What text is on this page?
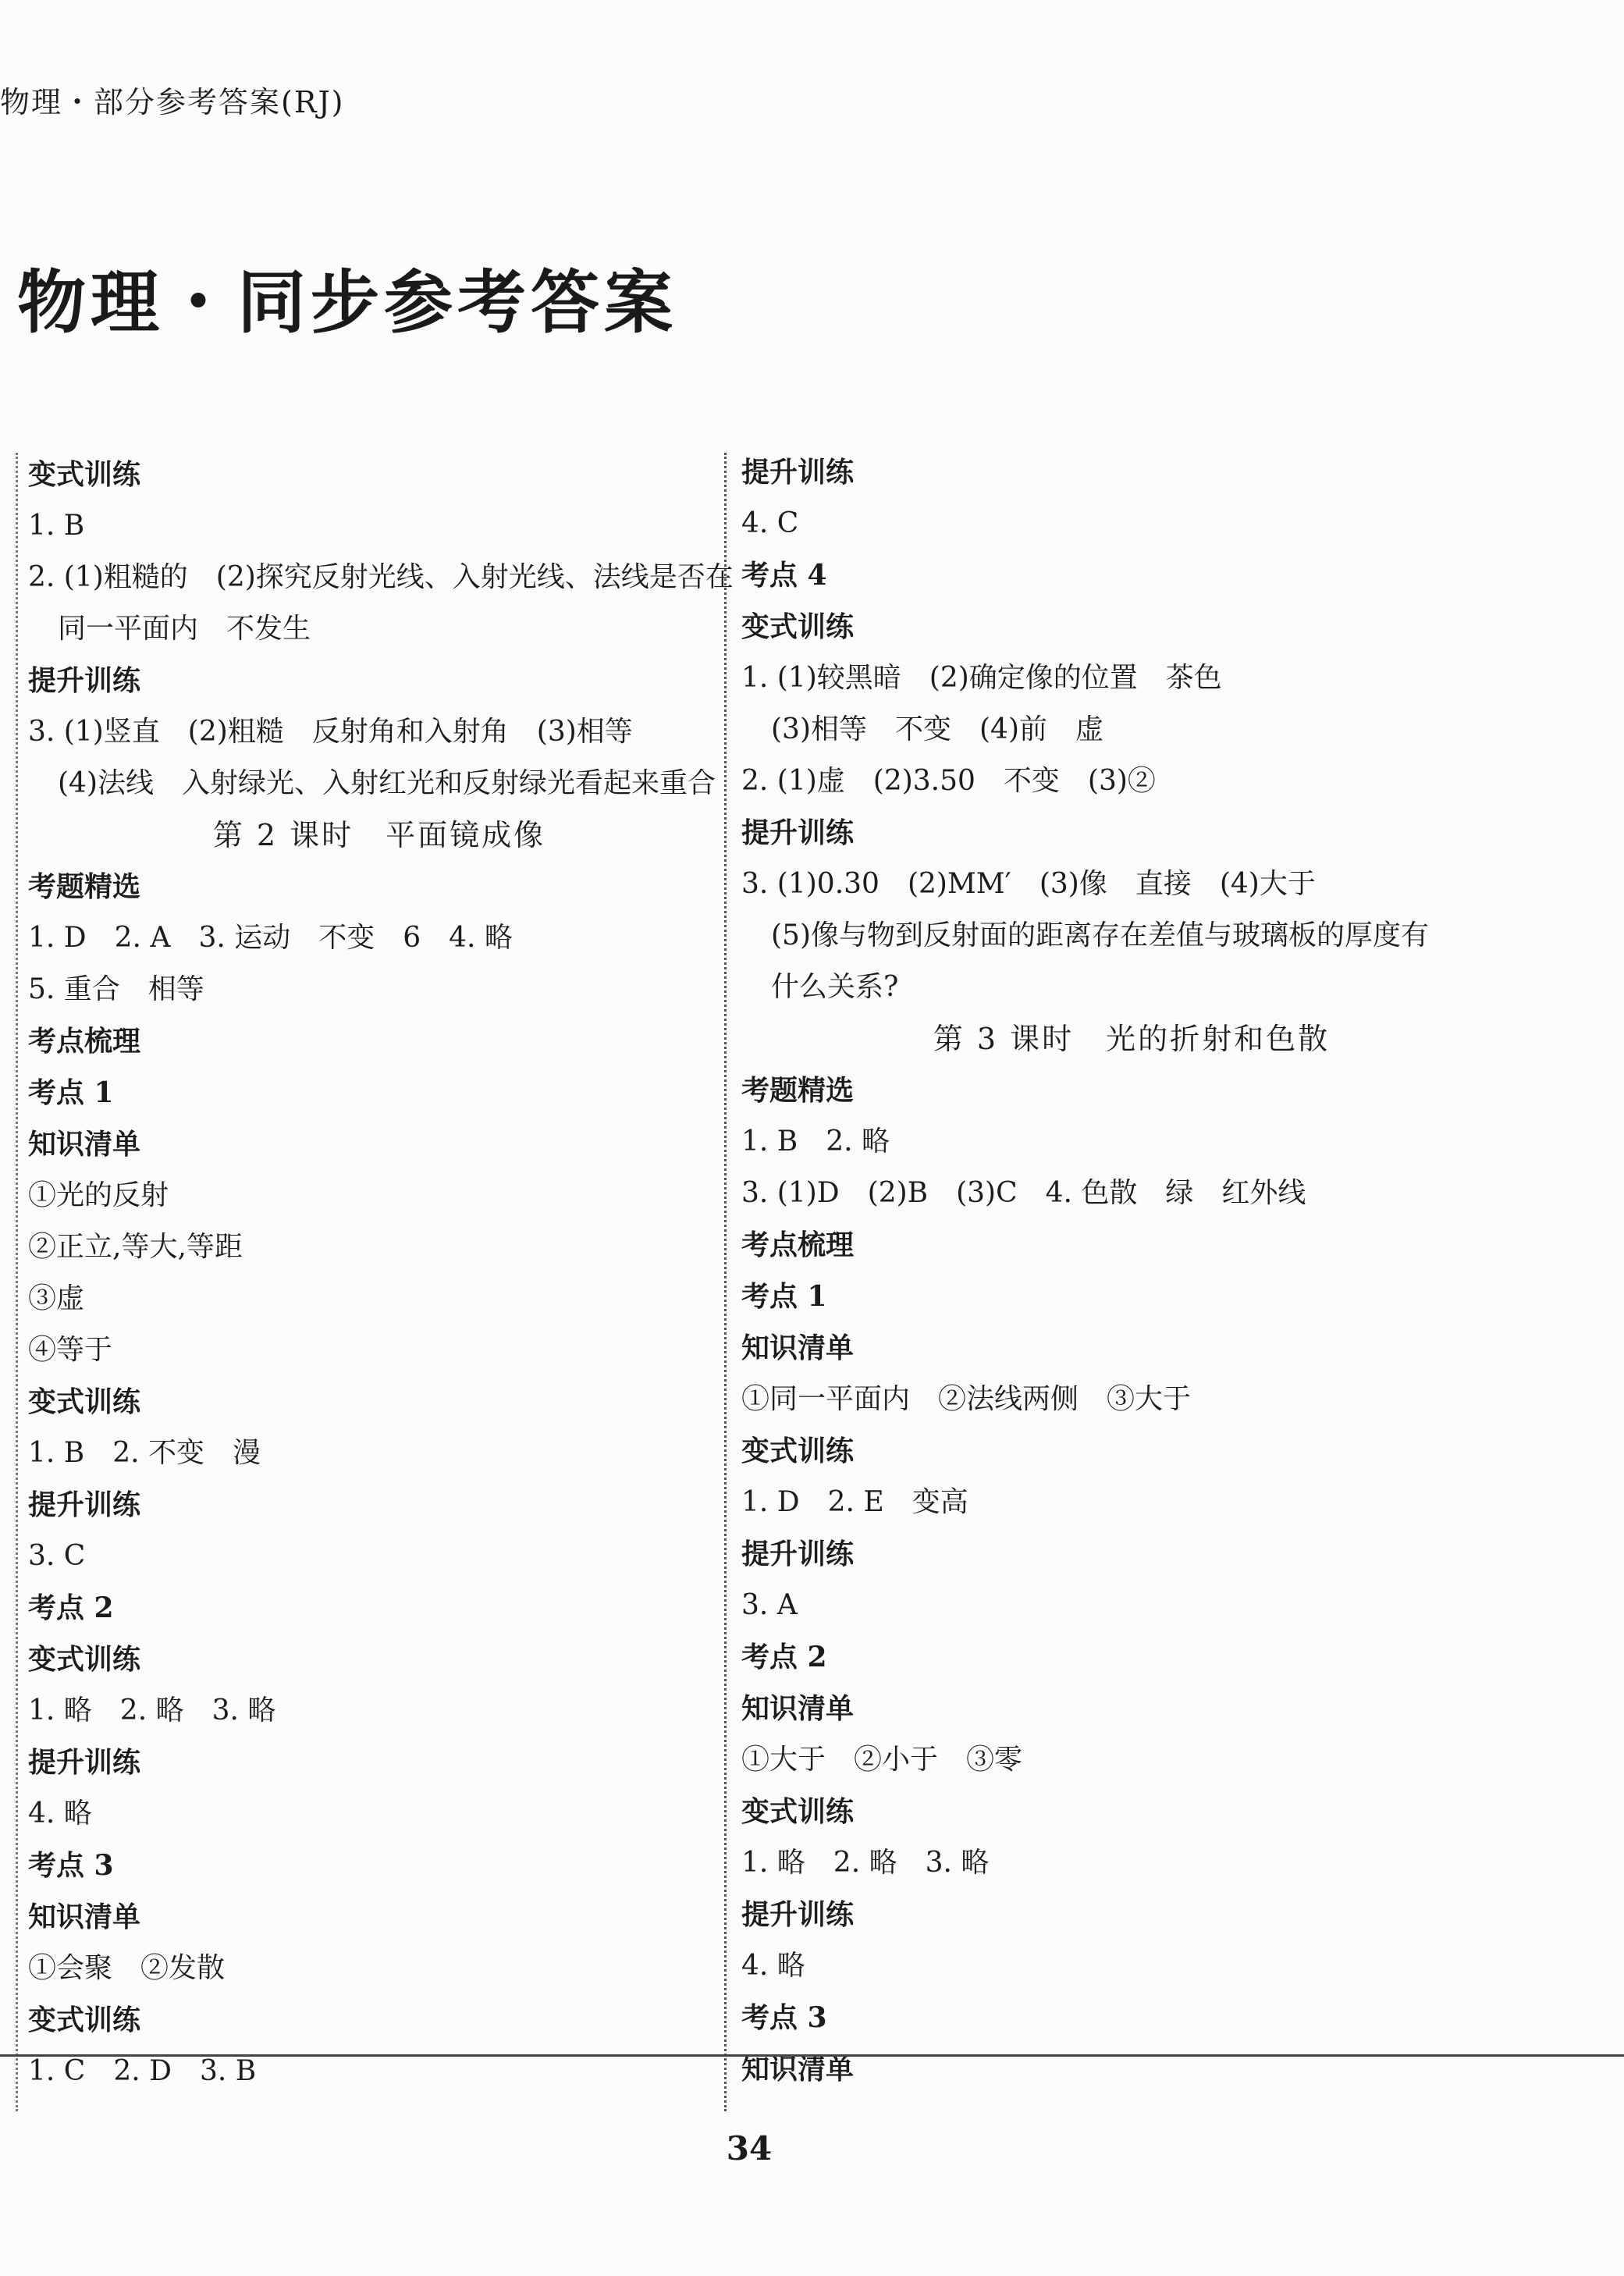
物理・部分参考答案(RJ)
物理・同步参考答案
变式训练
1. B
2. (1)粗糙的　(2)探究反射光线、入射光线、法线是否在
同一平面内　不发生
提升训练
3. (1)竖直　(2)粗糙　反射角和入射角　(3)相等
(4)法线　入射绿光、入射红光和反射绿光看起来重合
第 2 课时　平面镜成像
考题精选
1. D　2. A　3. 运动　不变　6　4. 略
5. 重合　相等
考点梳理
考点 1
知识清单
①光的反射
②正立,等大,等距
③虚
④等于
变式训练
1. B　2. 不变　漫
提升训练
3. C
考点 2
变式训练
1. 略　2. 略　3. 略
提升训练
4. 略
考点 3
知识清单
①会聚　②发散
变式训练
1. C　2. D　3. B
提升训练
4. C
考点 4
变式训练
1. (1)较黑暗　(2)确定像的位置　茶色
(3)相等　不变　(4)前　虚
2. (1)虚　(2)3.50　不变　(3)②
提升训练
3. (1)0.30　(2)MM′　(3)像　直接　(4)大于
(5)像与物到反射面的距离存在差值与玻璃板的厚度有
什么关系?
第 3 课时　光的折射和色散
考题精选
1. B　2. 略
3. (1)D　(2)B　(3)C　4. 色散　绿　红外线
考点梳理
考点 1
知识清单
①同一平面内　②法线两侧　③大于
变式训练
1. D　2. E　变高
提升训练
3. A
考点 2
知识清单
①大于　②小于　③零
变式训练
1. 略　2. 略　3. 略
提升训练
4. 略
考点 3
知识清单
34
